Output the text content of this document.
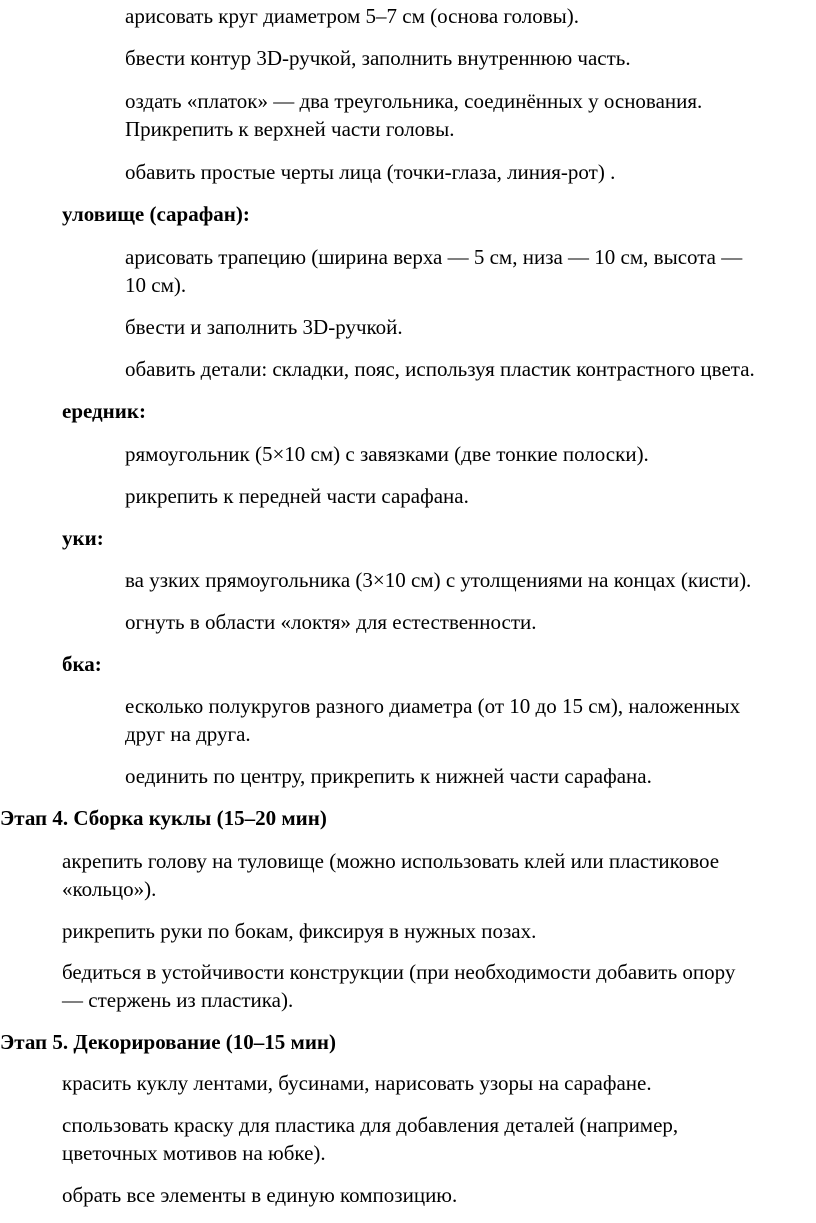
арисовать круг диаметром 5–7 см (основа головы).

бвести контур 3D-ручкой, заполнить внутреннюю часть.

оздать «платок» — два треугольника, соединённых у основания.
Прикрепить к верхней части головы.

обавить простые черты лица (точки-глаза, линия-рот) .

уловище (сарафан):

арисовать трапецию (ширина верха — 5 см, низа — 10 см, высота —
10 см).

бвести и заполнить 3D-ручкой.

обавить детали: складки, пояс, используя пластик контрастного цвета.

ередник:

рямоугольник (5×10 см) с завязками (две тонкие полоски).

рикрепить к передней части сарафана.

уки:

ва узких прямоугольника (3×10 см) с утолщениями на концах (кисти).

огнуть в области «локтя» для естественности.

бка:

есколько полукругов разного диаметра (от 10 до 15 см), наложенных
друг на друга.

оединить по центру, прикрепить к нижней части сарафана.

Этап 4. Сборка куклы (15–20 мин)

акрепить голову на туловище (можно использовать клей или пластиковое
«кольцо»).

рикрепить руки по бокам, фиксируя в нужных позах.

бедиться в устойчивости конструкции (при необходимости добавить опору
— стержень из пластика).

Этап 5. Декорирование (10–15 мин)

красить куклу лентами, бусинами, нарисовать узоры на сарафане.

спользовать краску для пластика для добавления деталей (например,
цветочных мотивов на юбке).

обрать все элементы в единую композицию.
